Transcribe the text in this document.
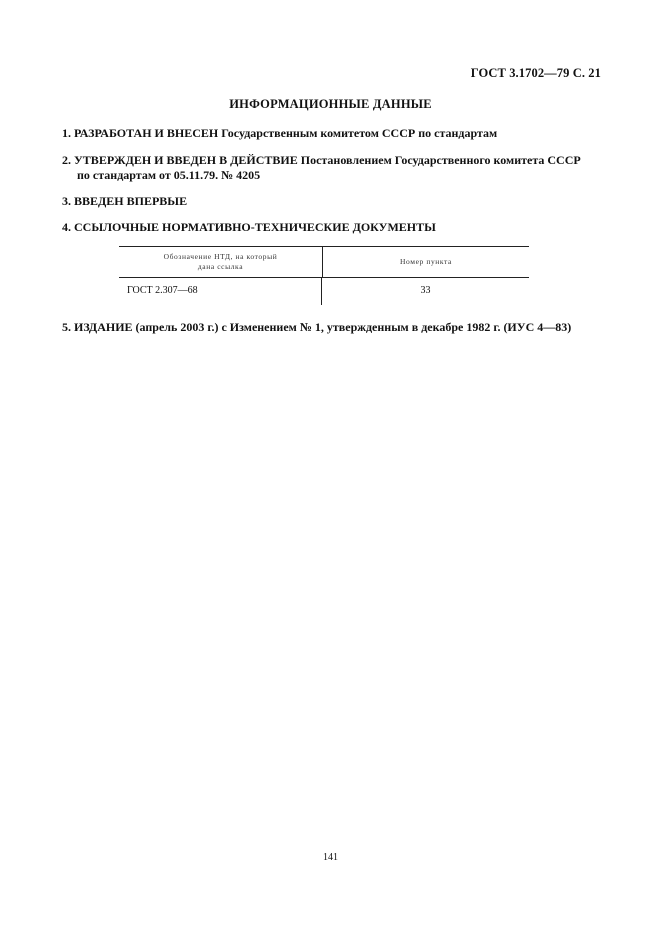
ГОСТ 3.1702—79 С. 21
ИНФОРМАЦИОННЫЕ ДАННЫЕ
1. РАЗРАБОТАН И ВНЕСЕН Государственным комитетом СССР по стандартам
2. УТВЕРЖДЕН И ВВЕДЕН В ДЕЙСТВИЕ Постановлением Государственного комитета СССР
по стандартам от 05.11.79. № 4205
3. ВВЕДЕН ВПЕРВЫЕ
4. ССЫЛОЧНЫЕ НОРМАТИВНО-ТЕХНИЧЕСКИЕ ДОКУМЕНТЫ
Обозначение НТД, на который
дана ссылка
Номер пункта
ГОСТ 2.307—68	33
5. ИЗДАНИЕ (апрель 2003 г.) с Изменением № 1, утвержденным в декабре 1982 г. (ИУС 4—83)
141
